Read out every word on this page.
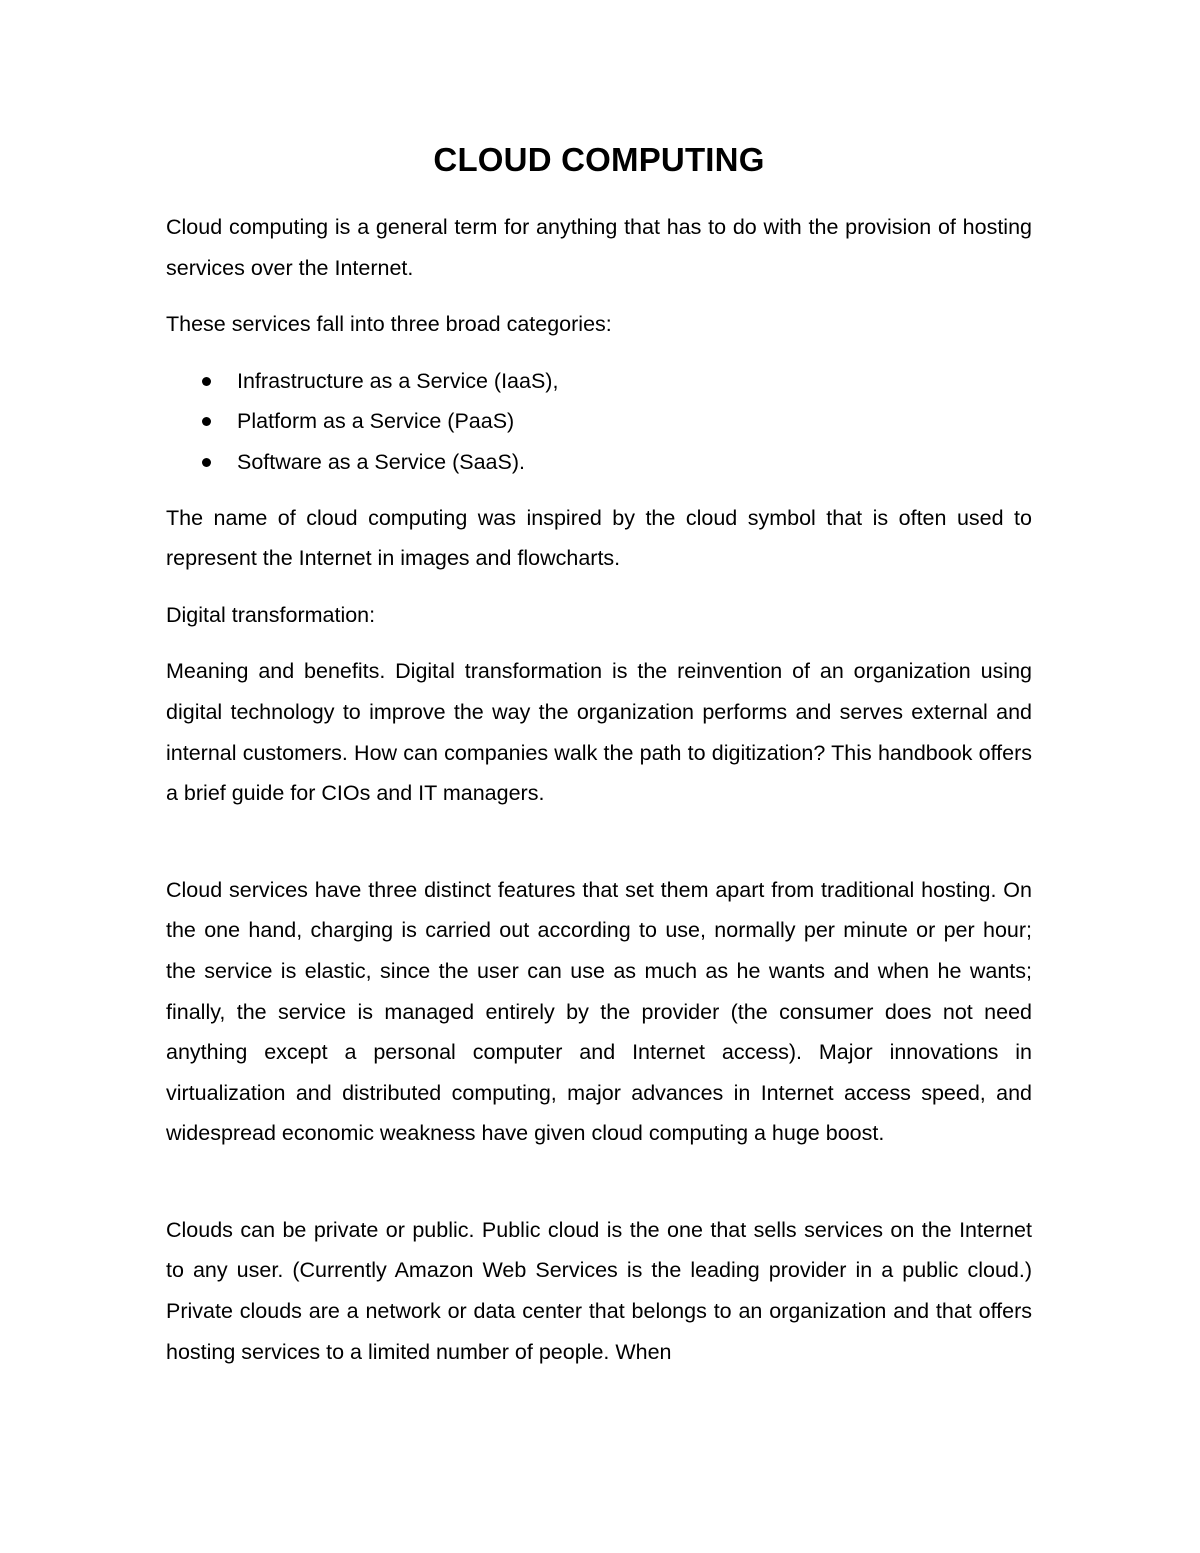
CLOUD COMPUTING

Cloud computing is a general term for anything that has to do with the provision of hosting services over the Internet.

These services fall into three broad categories:

Infrastructure as a Service (IaaS),
Platform as a Service (PaaS)
Software as a Service (SaaS).

The name of cloud computing was inspired by the cloud symbol that is often used to represent the Internet in images and flowcharts.

Digital transformation:

Meaning and benefits. Digital transformation is the reinvention of an organization using digital technology to improve the way the organization performs and serves external and internal customers. How can companies walk the path to digitization? This handbook offers a brief guide for CIOs and IT managers.

Cloud services have three distinct features that set them apart from traditional hosting. On the one hand, charging is carried out according to use, normally per minute or per hour; the service is elastic, since the user can use as much as he wants and when he wants; finally, the service is managed entirely by the provider (the consumer does not need anything except a personal computer and Internet access). Major innovations in virtualization and distributed computing, major advances in Internet access speed, and widespread economic weakness have given cloud computing a huge boost.

Clouds can be private or public. Public cloud is the one that sells services on the Internet to any user. (Currently Amazon Web Services is the leading provider in a public cloud.) Private clouds are a network or data center that belongs to an organization and that offers hosting services to a limited number of people. When
